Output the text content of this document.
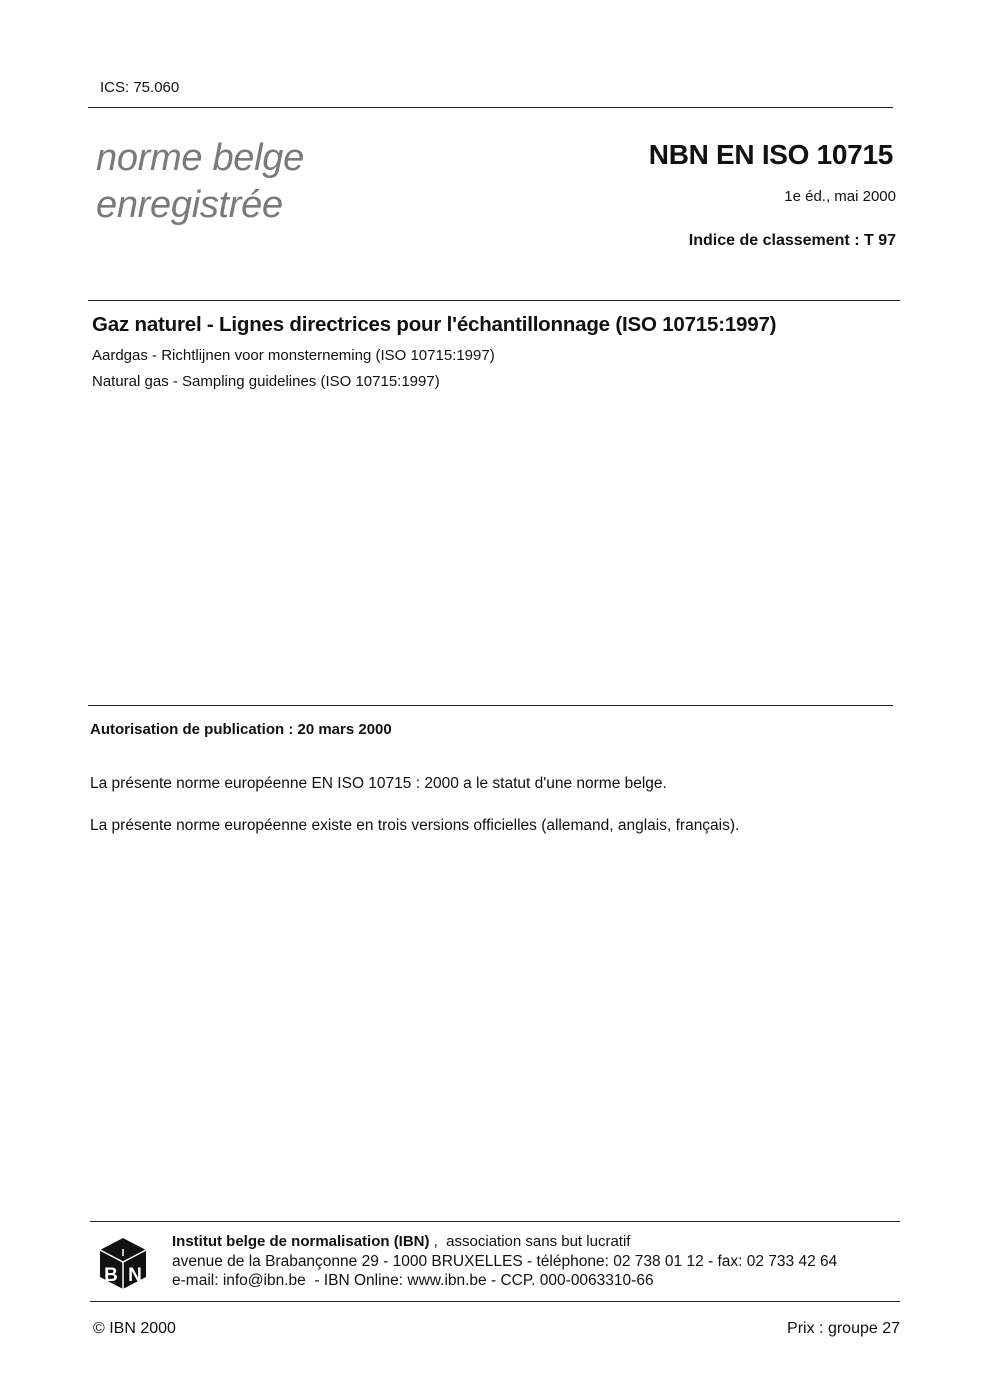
ICS: 75.060
norme belge
enregistrée
NBN EN ISO 10715
1e éd., mai 2000
Indice de classement : T 97
Gaz naturel - Lignes directrices pour l'échantillonnage (ISO 10715:1997)
Aardgas - Richtlijnen voor monsterneming (ISO 10715:1997)
Natural gas - Sampling guidelines (ISO 10715:1997)
Autorisation de publication : 20 mars 2000
La présente norme européenne EN ISO 10715 : 2000 a le statut d'une norme belge.
La présente norme européenne existe en trois versions officielles (allemand, anglais, français).
I
B N
Institut belge de normalisation (IBN) ,  association sans but lucratif
avenue de la Brabançonne 29 - 1000 BRUXELLES - téléphone: 02 738 01 12 - fax: 02 733 42 64
e-mail: info@ibn.be  - IBN Online: www.ibn.be - CCP. 000-0063310-66
© IBN 2000	Prix : groupe 27
